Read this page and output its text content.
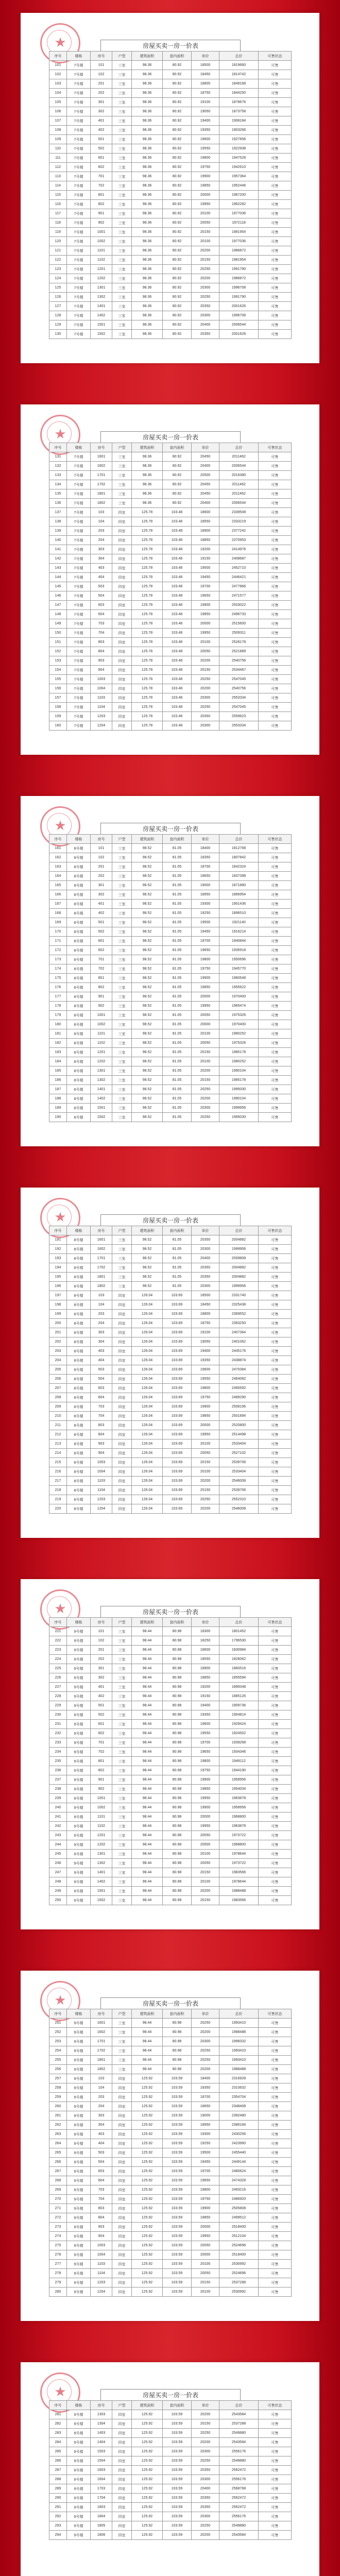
★	房屋买卖一房一价表
序号	楼栋	房号	户型	建筑面积	套内面积	单价	总价	可售状态
101	7号楼	101	三室	98.36	80.92	18500	1819660	可售
102	7号楼	102	三室	98.36	80.92	18450	1814742	可售
103	7号楼	201	三室	98.36	80.92	18800	1849168	可售
104	7号楼	202	三室	98.36	80.92	18750	1844250	可售
105	7号楼	301	三室	98.36	80.92	19100	1878676	可售
106	7号楼	302	三室	98.36	80.92	19050	1873758	可售
107	7号楼	401	三室	98.36	80.92	19400	1908184	可售
108	7号楼	402	三室	98.36	80.92	19350	1903266	可售
109	7号楼	501	三室	98.36	80.92	19600	1927856	可售
110	7号楼	502	三室	98.36	80.92	19550	1922938	可售
111	7号楼	601	三室	98.36	80.92	19800	1947528	可售
112	7号楼	602	三室	98.36	80.92	19750	1942610	可售
113	7号楼	701	三室	98.36	80.92	19900	1957364	可售
114	7号楼	702	三室	98.36	80.92	19850	1952446	可售
115	7号楼	801	三室	98.36	80.92	20000	1967200	可售
116	7号楼	802	三室	98.36	80.92	19950	1962282	可售
117	7号楼	901	三室	98.36	80.92	20100	1977036	可售
118	7号楼	902	三室	98.36	80.92	20050	1972118	可售
119	7号楼	1001	三室	98.36	80.92	20150	1981954	可售
120	7号楼	1002	三室	98.36	80.92	20100	1977036	可售
121	7号楼	1101	三室	98.36	80.92	20200	1986872	可售
122	7号楼	1102	三室	98.36	80.92	20150	1981954	可售
123	7号楼	1201	三室	98.36	80.92	20250	1991790	可售
124	7号楼	1202	三室	98.36	80.92	20200	1986872	可售
125	7号楼	1301	三室	98.36	80.92	20300	1996708	可售
126	7号楼	1302	三室	98.36	80.92	20250	1991790	可售
127	7号楼	1401	三室	98.36	80.92	20350	2001626	可售
128	7号楼	1402	三室	98.36	80.92	20300	1996708	可售
129	7号楼	1501	三室	98.36	80.92	20400	2006544	可售
130	7号楼	1502	三室	98.36	80.92	20350	2001626	可售
★	房屋买卖一房一价表
序号	楼栋	房号	户型	建筑面积	套内面积	单价	总价	可售状态
131	7号楼	1601	三室	98.36	80.92	20450	2011462	可售
132	7号楼	1602	三室	98.36	80.92	20400	2006544	可售
133	7号楼	1701	三室	98.36	80.92	20500	2016380	可售
134	7号楼	1702	三室	98.36	80.92	20450	2011462	可售
135	7号楼	1801	三室	98.36	80.92	20450	2011462	可售
136	7号楼	1802	三室	98.36	80.92	20400	2006544	可售
137	7号楼	103	四室	125.78	103.48	18600	2339508	可售
138	7号楼	104	四室	125.78	103.48	18550	2333219	可售
139	7号楼	203	四室	125.78	103.48	18900	2377242	可售
140	7号楼	204	四室	125.78	103.48	18850	2370953	可售
141	7号楼	303	四室	125.78	103.48	19200	2414976	可售
142	7号楼	304	四室	125.78	103.48	19150	2408687	可售
143	7号楼	403	四室	125.78	103.48	19500	2452710	可售
144	7号楼	404	四室	125.78	103.48	19450	2446421	可售
145	7号楼	503	四室	125.78	103.48	19700	2477866	可售
146	7号楼	504	四室	125.78	103.48	19650	2471577	可售
147	7号楼	603	四室	125.78	103.48	19900	2503022	可售
148	7号楼	604	四室	125.78	103.48	19850	2496733	可售
149	7号楼	703	四室	125.78	103.48	20000	2515600	可售
150	7号楼	704	四室	125.78	103.48	19950	2509311	可售
151	7号楼	803	四室	125.78	103.48	20100	2528178	可售
152	7号楼	804	四室	125.78	103.48	20050	2521889	可售
153	7号楼	903	四室	125.78	103.48	20200	2540756	可售
154	7号楼	904	四室	125.78	103.48	20150	2534467	可售
155	7号楼	1003	四室	125.78	103.48	20250	2547045	可售
156	7号楼	1004	四室	125.78	103.48	20200	2540756	可售
157	7号楼	1103	四室	125.78	103.48	20300	2553334	可售
158	7号楼	1104	四室	125.78	103.48	20250	2547045	可售
159	7号楼	1203	四室	125.78	103.48	20350	2559623	可售
160	7号楼	1204	四室	125.78	103.48	20300	2553334	可售
★	房屋买卖一房一价表
序号	楼栋	房号	户型	建筑面积	套内面积	单价	总价	可售状态
161	8号楼	101	三室	98.52	81.05	18400	1812768	可售
162	8号楼	102	三室	98.52	81.05	18350	1807842	可售
163	8号楼	201	三室	98.52	81.05	18700	1842324	可售
164	8号楼	202	三室	98.52	81.05	18650	1837398	可售
165	8号楼	301	三室	98.52	81.05	19000	1871880	可售
166	8号楼	302	三室	98.52	81.05	18950	1866954	可售
167	8号楼	401	三室	98.52	81.05	19300	1901436	可售
168	8号楼	402	三室	98.52	81.05	19250	1896510	可售
169	8号楼	501	三室	98.52	81.05	19500	1921140	可售
170	8号楼	502	三室	98.52	81.05	19450	1916214	可售
171	8号楼	601	三室	98.52	81.05	19700	1940844	可售
172	8号楼	602	三室	98.52	81.05	19650	1935918	可售
173	8号楼	701	三室	98.52	81.05	19800	1950696	可售
174	8号楼	702	三室	98.52	81.05	19750	1945770	可售
175	8号楼	801	三室	98.52	81.05	19900	1960548	可售
176	8号楼	802	三室	98.52	81.05	19850	1955622	可售
177	8号楼	901	三室	98.52	81.05	20000	1970400	可售
178	8号楼	902	三室	98.52	81.05	19950	1965474	可售
179	8号楼	1001	三室	98.52	81.05	20050	1975326	可售
180	8号楼	1002	三室	98.52	81.05	20000	1970400	可售
181	8号楼	1101	三室	98.52	81.05	20100	1980252	可售
182	8号楼	1102	三室	98.52	81.05	20050	1975326	可售
183	8号楼	1201	三室	98.52	81.05	20150	1985178	可售
184	8号楼	1202	三室	98.52	81.05	20100	1980252	可售
185	8号楼	1301	三室	98.52	81.05	20200	1990104	可售
186	8号楼	1302	三室	98.52	81.05	20150	1985178	可售
187	8号楼	1401	三室	98.52	81.05	20250	1995030	可售
188	8号楼	1402	三室	98.52	81.05	20200	1990104	可售
189	8号楼	1501	三室	98.52	81.05	20300	1999956	可售
190	8号楼	1502	三室	98.52	81.05	20250	1995030	可售
★	房屋买卖一房一价表
序号	楼栋	房号	户型	建筑面积	套内面积	单价	总价	可售状态
191	8号楼	1601	三室	98.52	81.05	20350	2004882	可售
192	8号楼	1602	三室	98.52	81.05	20300	1999956	可售
193	8号楼	1701	三室	98.52	81.05	20400	2009808	可售
194	8号楼	1702	三室	98.52	81.05	20350	2004882	可售
195	8号楼	1801	三室	98.52	81.05	20350	2004882	可售
196	8号楼	1802	三室	98.52	81.05	20300	1999956	可售
197	8号楼	103	四室	126.04	103.69	18500	2331740	可售
198	8号楼	104	四室	126.04	103.69	18450	2325438	可售
199	8号楼	203	四室	126.04	103.69	18800	2369552	可售
200	8号楼	204	四室	126.04	103.69	18750	2363250	可售
201	8号楼	303	四室	126.04	103.69	19100	2407364	可售
202	8号楼	304	四室	126.04	103.69	19050	2401062	可售
203	8号楼	403	四室	126.04	103.69	19400	2445176	可售
204	8号楼	404	四室	126.04	103.69	19350	2438874	可售
205	8号楼	503	四室	126.04	103.69	19600	2470384	可售
206	8号楼	504	四室	126.04	103.69	19550	2464082	可售
207	8号楼	603	四室	126.04	103.69	19800	2495592	可售
208	8号楼	604	四室	126.04	103.69	19750	2489290	可售
209	8号楼	703	四室	126.04	103.69	19900	2508196	可售
210	8号楼	704	四室	126.04	103.69	19850	2501894	可售
211	8号楼	803	四室	126.04	103.69	20000	2520800	可售
212	8号楼	804	四室	126.04	103.69	19950	2514498	可售
213	8号楼	903	四室	126.04	103.69	20100	2533404	可售
214	8号楼	904	四室	126.04	103.69	20050	2527102	可售
215	8号楼	1003	四室	126.04	103.69	20150	2539706	可售
216	8号楼	1004	四室	126.04	103.69	20100	2533404	可售
217	8号楼	1103	四室	126.04	103.69	20200	2546008	可售
218	8号楼	1104	四室	126.04	103.69	20150	2539706	可售
219	8号楼	1203	四室	126.04	103.69	20250	2552310	可售
220	8号楼	1204	四室	126.04	103.69	20200	2546008	可售
★	房屋买卖一房一价表
序号	楼栋	房号	户型	建筑面积	套内面积	单价	总价	可售状态
221	9号楼	101	三室	98.44	80.98	18300	1801452	可售
222	9号楼	102	三室	98.44	80.98	18250	1796530	可售
223	9号楼	201	三室	98.44	80.98	18600	1830984	可售
224	9号楼	202	三室	98.44	80.98	18550	1826062	可售
225	9号楼	301	三室	98.44	80.98	18900	1860516	可售
226	9号楼	302	三室	98.44	80.98	18850	1855594	可售
227	9号楼	401	三室	98.44	80.98	19200	1890048	可售
228	9号楼	402	三室	98.44	80.98	19150	1885126	可售
229	9号楼	501	三室	98.44	80.98	19400	1909736	可售
230	9号楼	502	三室	98.44	80.98	19350	1904814	可售
231	9号楼	601	三室	98.44	80.98	19600	1929424	可售
232	9号楼	602	三室	98.44	80.98	19550	1924502	可售
233	9号楼	701	三室	98.44	80.98	19700	1939268	可售
234	9号楼	702	三室	98.44	80.98	19650	1934346	可售
235	9号楼	801	三室	98.44	80.98	19800	1949112	可售
236	9号楼	802	三室	98.44	80.98	19750	1944190	可售
237	9号楼	901	三室	98.44	80.98	19900	1958956	可售
238	9号楼	902	三室	98.44	80.98	19850	1954034	可售
239	9号楼	1001	三室	98.44	80.98	19950	1963878	可售
240	9号楼	1002	三室	98.44	80.98	19900	1958956	可售
241	9号楼	1101	三室	98.44	80.98	20000	1968800	可售
242	9号楼	1102	三室	98.44	80.98	19950	1963878	可售
243	9号楼	1201	三室	98.44	80.98	20050	1973722	可售
244	9号楼	1202	三室	98.44	80.98	20000	1968800	可售
245	9号楼	1301	三室	98.44	80.98	20100	1978644	可售
246	9号楼	1302	三室	98.44	80.98	20050	1973722	可售
247	9号楼	1401	三室	98.44	80.98	20150	1983566	可售
248	9号楼	1402	三室	98.44	80.98	20100	1978644	可售
249	9号楼	1501	三室	98.44	80.98	20200	1988488	可售
250	9号楼	1502	三室	98.44	80.98	20150	1983566	可售
★	房屋买卖一房一价表
序号	楼栋	房号	户型	建筑面积	套内面积	单价	总价	可售状态
251	9号楼	1601	三室	98.44	80.98	20250	1993410	可售
252	9号楼	1602	三室	98.44	80.98	20200	1988488	可售
253	9号楼	1701	三室	98.44	80.98	20300	1998332	可售
254	9号楼	1702	三室	98.44	80.98	20250	1993410	可售
255	9号楼	1801	三室	98.44	80.98	20250	1993410	可售
256	9号楼	1802	三室	98.44	80.98	20200	1988488	可售
257	9号楼	103	四室	125.92	103.59	18400	2316928	可售
258	9号楼	104	四室	125.92	103.59	18350	2310632	可售
259	9号楼	203	四室	125.92	103.59	18700	2354704	可售
260	9号楼	204	四室	125.92	103.59	18650	2348408	可售
261	9号楼	303	四室	125.92	103.59	19000	2392480	可售
262	9号楼	304	四室	125.92	103.59	18950	2386184	可售
263	9号楼	403	四室	125.92	103.59	19300	2430256	可售
264	9号楼	404	四室	125.92	103.59	19250	2423960	可售
265	9号楼	503	四室	125.92	103.59	19500	2455440	可售
266	9号楼	504	四室	125.92	103.59	19450	2449144	可售
267	9号楼	603	四室	125.92	103.59	19700	2480624	可售
268	9号楼	604	四室	125.92	103.59	19650	2474328	可售
269	9号楼	703	四室	125.92	103.59	19800	2493216	可售
270	9号楼	704	四室	125.92	103.59	19750	2486920	可售
271	9号楼	803	四室	125.92	103.59	19900	2505808	可售
272	9号楼	804	四室	125.92	103.59	19850	2499512	可售
273	9号楼	903	四室	125.92	103.59	20000	2518400	可售
274	9号楼	904	四室	125.92	103.59	19950	2512104	可售
275	9号楼	1003	四室	125.92	103.59	20050	2524696	可售
276	9号楼	1004	四室	125.92	103.59	20000	2518400	可售
277	9号楼	1103	四室	125.92	103.59	20100	2530992	可售
278	9号楼	1104	四室	125.92	103.59	20050	2524696	可售
279	9号楼	1203	四室	125.92	103.59	20150	2537288	可售
280	9号楼	1204	四室	125.92	103.59	20100	2530992	可售
★	房屋买卖一房一价表
序号	楼栋	房号	户型	建筑面积	套内面积	单价	总价	可售状态
281	9号楼	1303	四室	125.92	103.59	20200	2543584	可售
282	9号楼	1304	四室	125.92	103.59	20150	2537288	可售
283	9号楼	1403	四室	125.92	103.59	20250	2549880	可售
284	9号楼	1404	四室	125.92	103.59	20200	2543584	可售
285	9号楼	1503	四室	125.92	103.59	20300	2556176	可售
286	9号楼	1504	四室	125.92	103.59	20250	2549880	可售
287	9号楼	1603	四室	125.92	103.59	20350	2562472	可售
288	9号楼	1604	四室	125.92	103.59	20300	2556176	可售
289	9号楼	1703	四室	125.92	103.59	20400	2568768	可售
290	9号楼	1704	四室	125.92	103.59	20350	2562472	可售
291	9号楼	1803	四室	125.92	103.59	20350	2562472	可售
292	9号楼	1804	四室	125.92	103.59	20300	2556176	可售
293	9号楼	1805	四室	125.92	103.59	20250	2549880	可售
294	9号楼	1806	四室	125.92	103.59	20200	2543584	可售
